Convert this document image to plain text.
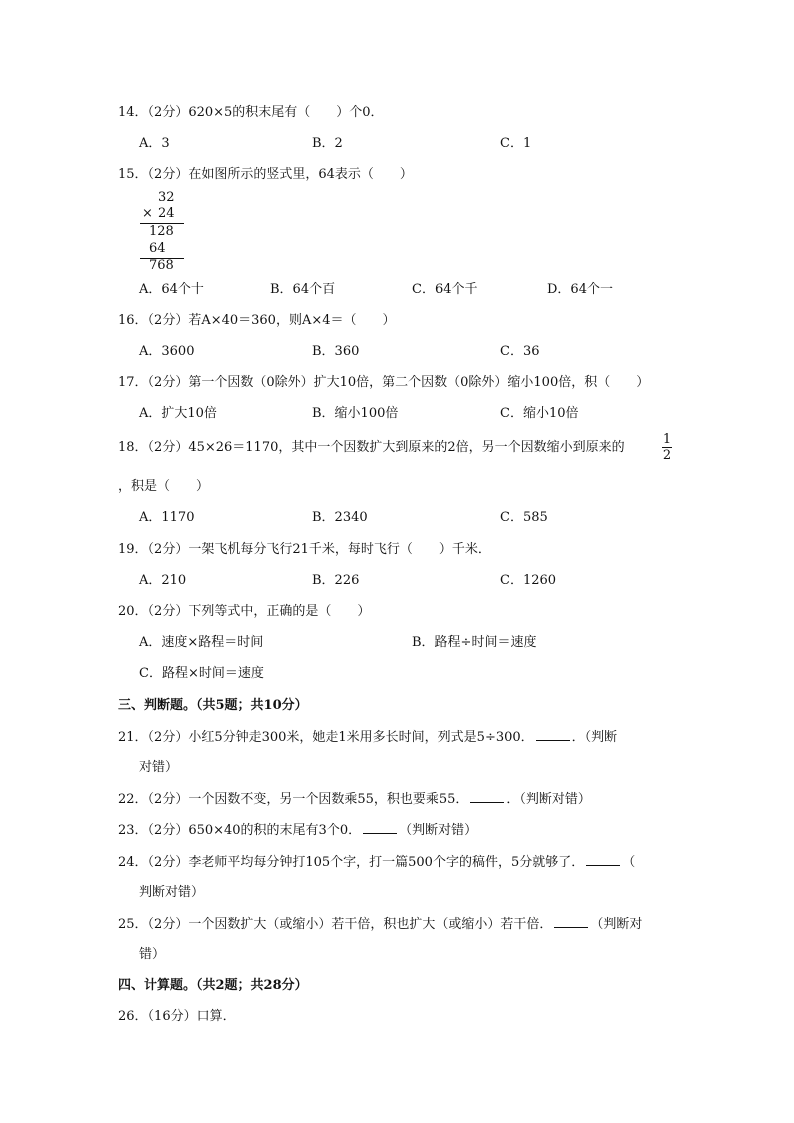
14．（2分）620×5的积末尾有（　　）个0．
A．3	B．2	C．1
15．（2分）在如图所示的竖式里，64表示（　　）
32
× 24
128
64
768
A．64个十	B．64个百	C．64个千	D．64个一
16．（2分）若A×40＝360，则A×4＝（　　）
A．3600	B．360	C．36
17．（2分）第一个因数（0除外）扩大10倍，第二个因数（0除外）缩小100倍，积（　　）
A．扩大10倍	B．缩小100倍	C．缩小10倍
18．（2分）45×26＝1170，其中一个因数扩大到原来的2倍，另一个因数缩小到原来的
1
2
，积是（　　）
A．1170	B．2340	C．585
19．（2分）一架飞机每分飞行21千米，每时飞行（　　）千米．
A．210	B．226	C．1260
20．（2分）下列等式中，正确的是（　　）
A．速度×路程＝时间	B．路程÷时间＝速度
C．路程×时间＝速度
三、判断题。（共5题；共10分）
21．（2分）小红5分钟走300米，她走1米用多长时间，列式是5÷300．	．（判断
对错）
22．（2分）一个因数不变，另一个因数乘55，积也要乘55．	．（判断对错）
23．（2分）650×40的积的末尾有3个0．	（判断对错）
24．（2分）李老师平均每分钟打105个字，打一篇500个字的稿件，5分就够了．	（
判断对错）
25．（2分）一个因数扩大（或缩小）若干倍，积也扩大（或缩小）若干倍．	（判断对
错）
四、计算题。（共2题；共28分）
26．（16分）口算．
